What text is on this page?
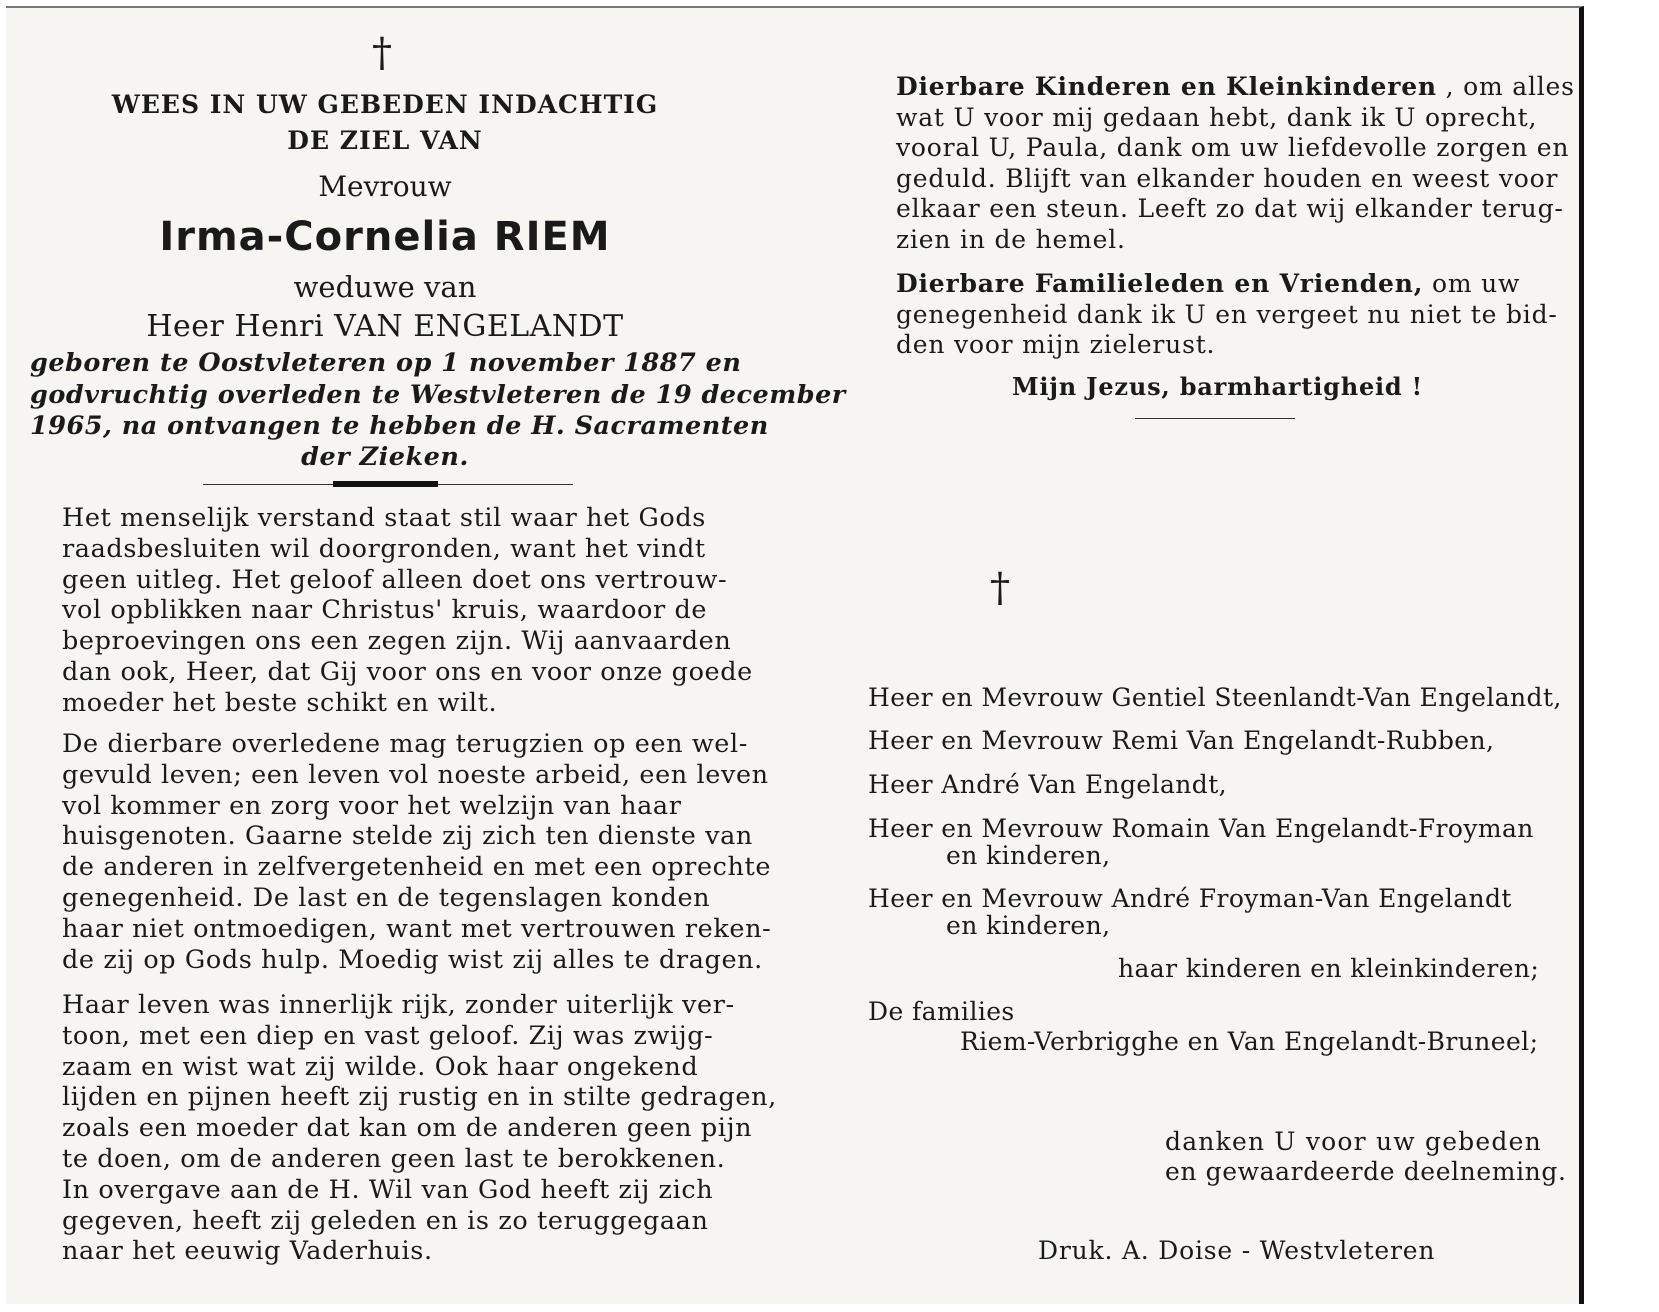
†
WEES IN UW GEBEDEN INDACHTIG
DE ZIEL VAN
Mevrouw
Irma-Cornelia RIEM
weduwe van
Heer Henri VAN ENGELANDT
geboren te Oostvleteren op 1 november 1887 en
godvruchtig overleden te Westvleteren de 19 december
1965, na ontvangen te hebben de H. Sacramenten
der Zieken.
Het menselijk verstand staat stil waar het Gods
raadsbesluiten wil doorgronden, want het vindt
geen uitleg. Het geloof alleen doet ons vertrouw-
vol opblikken naar Christus' kruis, waardoor de
beproevingen ons een zegen zijn. Wij aanvaarden
dan ook, Heer, dat Gij voor ons en voor onze goede
moeder het beste schikt en wilt.
De dierbare overledene mag terugzien op een wel-
gevuld leven; een leven vol noeste arbeid, een leven
vol kommer en zorg voor het welzijn van haar
huisgenoten. Gaarne stelde zij zich ten dienste van
de anderen in zelfvergetenheid en met een oprechte
genegenheid. De last en de tegenslagen konden
haar niet ontmoedigen, want met vertrouwen reken-
de zij op Gods hulp. Moedig wist zij alles te dragen.
Haar leven was innerlijk rijk, zonder uiterlijk ver-
toon, met een diep en vast geloof. Zij was zwijg-
zaam en wist wat zij wilde. Ook haar ongekend
lijden en pijnen heeft zij rustig en in stilte gedragen,
zoals een moeder dat kan om de anderen geen pijn
te doen, om de anderen geen last te berokkenen.
In overgave aan de H. Wil van God heeft zij zich
gegeven, heeft zij geleden en is zo teruggegaan
naar het eeuwig Vaderhuis.
Dierbare Kinderen en Kleinkinderen , om alles
wat U voor mij gedaan hebt, dank ik U oprecht,
vooral U, Paula, dank om uw liefdevolle zorgen en
geduld. Blijft van elkander houden en weest voor
elkaar een steun. Leeft zo dat wij elkander terug-
zien in de hemel.
Dierbare Familieleden en Vrienden, om uw
genegenheid dank ik U en vergeet nu niet te bid-
den voor mijn zielerust.
Mijn Jezus, barmhartigheid !
†
Heer en Mevrouw Gentiel Steenlandt-Van Engelandt,
Heer en Mevrouw Remi Van Engelandt-Rubben,
Heer André Van Engelandt,
Heer en Mevrouw Romain Van Engelandt-Froyman
en kinderen,
Heer en Mevrouw André Froyman-Van Engelandt
en kinderen,
haar kinderen en kleinkinderen;
De families
Riem-Verbrigghe en Van Engelandt-Bruneel;
danken U voor uw gebeden
en gewaardeerde deelneming.
Druk. A. Doise - Westvleteren
